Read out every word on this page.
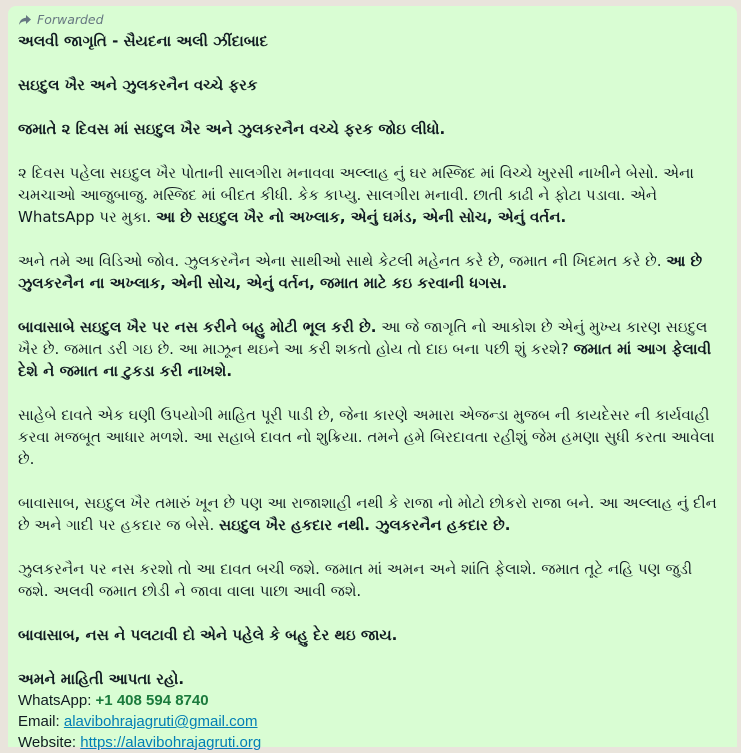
Forwarded

અલવી જાગૃતિ - સૈયદના અલી ઝીંદાબાદ

સઇદુલ ખૈર અને ઝુલકરનૈન વચ્ચે ફરક

જમાતે ૨ દિવસ માં સઇદુલ ખૈર અને ઝુલકરનૈન વચ્ચે ફરક જોઇ લીધો.

૨ દિવસ પહેલા સઇદુલ ખૈર પોતાની સાલગીરા મનાવવા અલ્લાહ નું ઘર મસ્જિદ માં વિચ્ચે ખુરસી નાખીને બેસો. એના ચમચાઓ આજુબાજુ. મસ્જિદ માં બીદત કીધી. કેક કાપ્યુ. સાલગીરા મનાવી. છાતી કાઢી ને ફોટા પડાવા. એને WhatsApp પર મુકા. આ છે સઇદુલ ખૈર નો અખ્લાક, એનું ઘમંડ, એની સોચ, એનું વર્તન.

અને તમે આ વિડિઓ જોવ. ઝુલકરનૈન એના સાથીઓ સાથે કેટલી મહેનત કરે છે, જમાત ની ખિદમત કરે છે. આ છે ઝુલકરનૈન ના અખ્લાક, એની સોચ, એનું વર્તન, જમાત માટે કઇ કરવાની ધગસ.

બાવાસાબે સઇદુલ ખૈર પર નસ કરીને બહુ મોટી ભૂલ કરી છે. આ જે જાગૃતિ નો આકોશ છે એનું મુખ્ય કારણ સઇદુલ ખૈર છે. જમાત ડરી ગઇ છે. આ માઝૂન થઇને આ કરી શકતો હોય તો દાઇ બના પછી શું કરશે? જમાત માં આગ ફેલાવી દેશે ને જમાત ના ટુકડા કરી નાખશે.

સાહેબે દાવતે એક ઘણી ઉપયોગી માહિત પૂરી પાડી છે, જેના કારણે અમારા એજન્ડા મુજબ ની કાયદેસર ની કાર્યવાહી કરવા મજબૂત આધાર મળશે. આ સહાબે દાવત નો શુક્રિયા. તમને હમે બિરદાવતા રહીશું જેમ હમણા સુધી કરતા આવેલા છે.

બાવાસાબ, સઇદુલ ખૈર તમારું ખૂન છે પણ આ રાજાશાહી નથી કે રાજા નો મોટો છોકરો રાજા બને. આ અલ્લાહ નું દીન છે અને ગાદી પર હકદાર જ બેસે. સઇદુલ ખૈર હકદાર નથી. ઝુલકરનૈન હકદાર છે.

ઝુલકરનૈન પર નસ કરશો તો આ દાવત બચી જશે. જમાત માં અમન અને શાંતિ ફેલાશે. જમાત તૂટે નહિ પણ જુડી જશે. અલવી જમાત છોડી ને જાવા વાલા પાછા આવી જશે.

બાવાસાબ, નસ ને પલટાવી દો એને પહેલે કે બહુ દેર થઇ જાય.

અમને માહિતી આપતા રહો.

WhatsApp: +1 408 594 8740
Email: alavibohrajagruti@gmail.com
Website: https://alavibohrajagruti.org
